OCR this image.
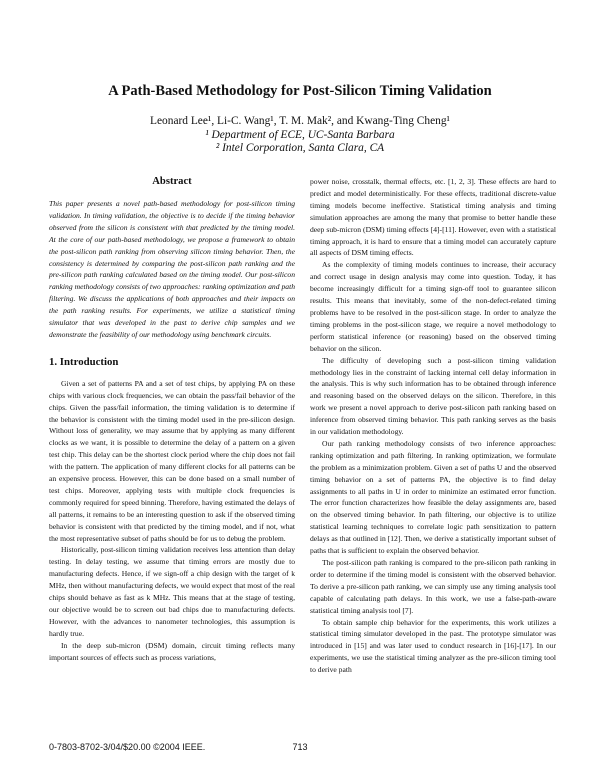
A Path-Based Methodology for Post-Silicon Timing Validation
Leonard Lee¹, Li-C. Wang¹, T. M. Mak², and Kwang-Ting Cheng¹
¹ Department of ECE, UC-Santa Barbara
² Intel Corporation, Santa Clara, CA
Abstract

This paper presents a novel path-based methodology for post-silicon timing validation. In timing validation, the objective is to decide if the timing behavior observed from the silicon is consistent with that predicted by the timing model. At the core of our path-based methodology, we propose a framework to obtain the post-silicon path ranking from observing silicon timing behavior. Then, the consistency is determined by comparing the post-silicon path ranking and the pre-silicon path ranking calculated based on the timing model. Our post-silicon ranking methodology consists of two approaches: ranking optimization and path filtering. We discuss the applications of both approaches and their impacts on the path ranking results. For experiments, we utilize a statistical timing simulator that was developed in the past to derive chip samples and we demonstrate the feasibility of our methodology using benchmark circuits.

1. Introduction

Given a set of patterns PA and a set of test chips, by applying PA on these chips with various clock frequencies, we can obtain the pass/fail behavior of the chips. Given the pass/fail information, the timing validation is to determine if the behavior is consistent with the timing model used in the pre-silicon design. Without loss of generality, we may assume that by applying as many different clocks as we want, it is possible to determine the delay of a pattern on a given test chip. This delay can be the shortest clock period where the chip does not fail with the pattern. The application of many different clocks for all patterns can be an expensive process. However, this can be done based on a small number of test chips. Moreover, applying tests with multiple clock frequencies is commonly required for speed binning. Therefore, having estimated the delays of all patterns, it remains to be an interesting question to ask if the observed timing behavior is consistent with that predicted by the timing model, and if not, what the most representative subset of paths should be for us to debug the problem.

Historically, post-silicon timing validation receives less attention than delay testing. In delay testing, we assume that timing errors are mostly due to manufacturing defects. Hence, if we sign-off a chip design with the target of k MHz, then without manufacturing defects, we would expect that most of the real chips should behave as fast as k MHz. This means that at the stage of testing, our objective would be to screen out bad chips due to manufacturing defects. However, with the advances to nanometer technologies, this assumption is hardly true.

In the deep sub-micron (DSM) domain, circuit timing reflects many important sources of effects such as process variations,

power noise, crosstalk, thermal effects, etc. [1, 2, 3]. These effects are hard to predict and model deterministically. For these effects, traditional discrete-value timing models become ineffective. Statistical timing analysis and timing simulation approaches are among the many that promise to better handle these deep sub-micron (DSM) timing effects [4]-[11]. However, even with a statistical timing approach, it is hard to ensure that a timing model can accurately capture all aspects of DSM timing effects.

As the complexity of timing models continues to increase, their accuracy and correct usage in design analysis may come into question. Today, it has become increasingly difficult for a timing sign-off tool to guarantee silicon results. This means that inevitably, some of the non-defect-related timing problems have to be resolved in the post-silicon stage. In order to analyze the timing problems in the post-silicon stage, we require a novel methodology to perform statistical inference (or reasoning) based on the observed timing behavior on the silicon.

The difficulty of developing such a post-silicon timing validation methodology lies in the constraint of lacking internal cell delay information in the analysis. This is why such information has to be obtained through inference and reasoning based on the observed delays on the silicon. Therefore, in this work we present a novel approach to derive post-silicon path ranking based on inference from observed timing behavior. This path ranking serves as the basis in our validation methodology.

Our path ranking methodology consists of two inference approaches: ranking optimization and path filtering. In ranking optimization, we formulate the problem as a minimization problem. Given a set of paths U and the observed timing behavior on a set of patterns PA, the objective is to find delay assignments to all paths in U in order to minimize an estimated error function. The error function characterizes how feasible the delay assignments are, based on the observed timing behavior. In path filtering, our objective is to utilize statistical learning techniques to correlate logic path sensitization to pattern delays as that outlined in [12]. Then, we derive a statistically important subset of paths that is sufficient to explain the observed behavior.

The post-silicon path ranking is compared to the pre-silicon path ranking in order to determine if the timing model is consistent with the observed behavior. To derive a pre-silicon path ranking, we can simply use any timing analysis tool capable of calculating path delays. In this work, we use a false-path-aware statistical timing analysis tool [7].

To obtain sample chip behavior for the experiments, this work utilizes a statistical timing simulator developed in the past. The prototype simulator was introduced in [15] and was later used to conduct research in [16]-[17]. In our experiments, we use the statistical timing analyzer as the pre-silicon timing tool to derive path

0-7803-8702-3/04/$20.00 ©2004 IEEE.	713
